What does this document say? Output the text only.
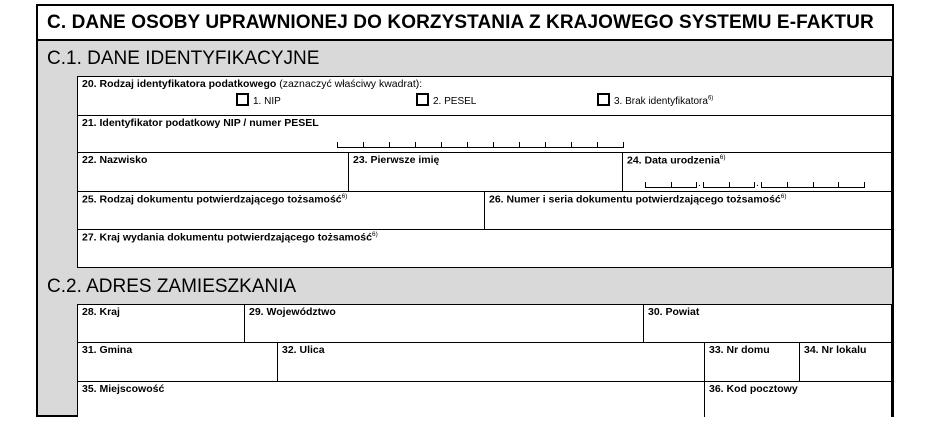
C. DANE OSOBY UPRAWNIONEJ DO KORZYSTANIA Z KRAJOWEGO SYSTEMU E-FAKTUR
C.1. DANE IDENTYFIKACYJNE
20. Rodzaj identyfikatora podatkowego (zaznaczyć właściwy kwadrat):
1. NIP	2. PESEL	3. Brak identyfikatora$^{6)}$
21. Identyfikator podatkowy NIP / numer PESEL
22. Nazwisko	23. Pierwsze imię	24. Data urodzenia$^{6)}$
.	.
25. Rodzaj dokumentu potwierdzającego tożsamość$^{6)}$	26. Numer i seria dokumentu potwierdzającego tożsamość$^{6)}$
27. Kraj wydania dokumentu potwierdzającego tożsamość$^{6)}$
C.2. ADRES ZAMIESZKANIA
28. Kraj	29. Województwo	30. Powiat
31. Gmina	32. Ulica	33. Nr domu	34. Nr lokalu
35. Miejscowość	36. Kod pocztowy
